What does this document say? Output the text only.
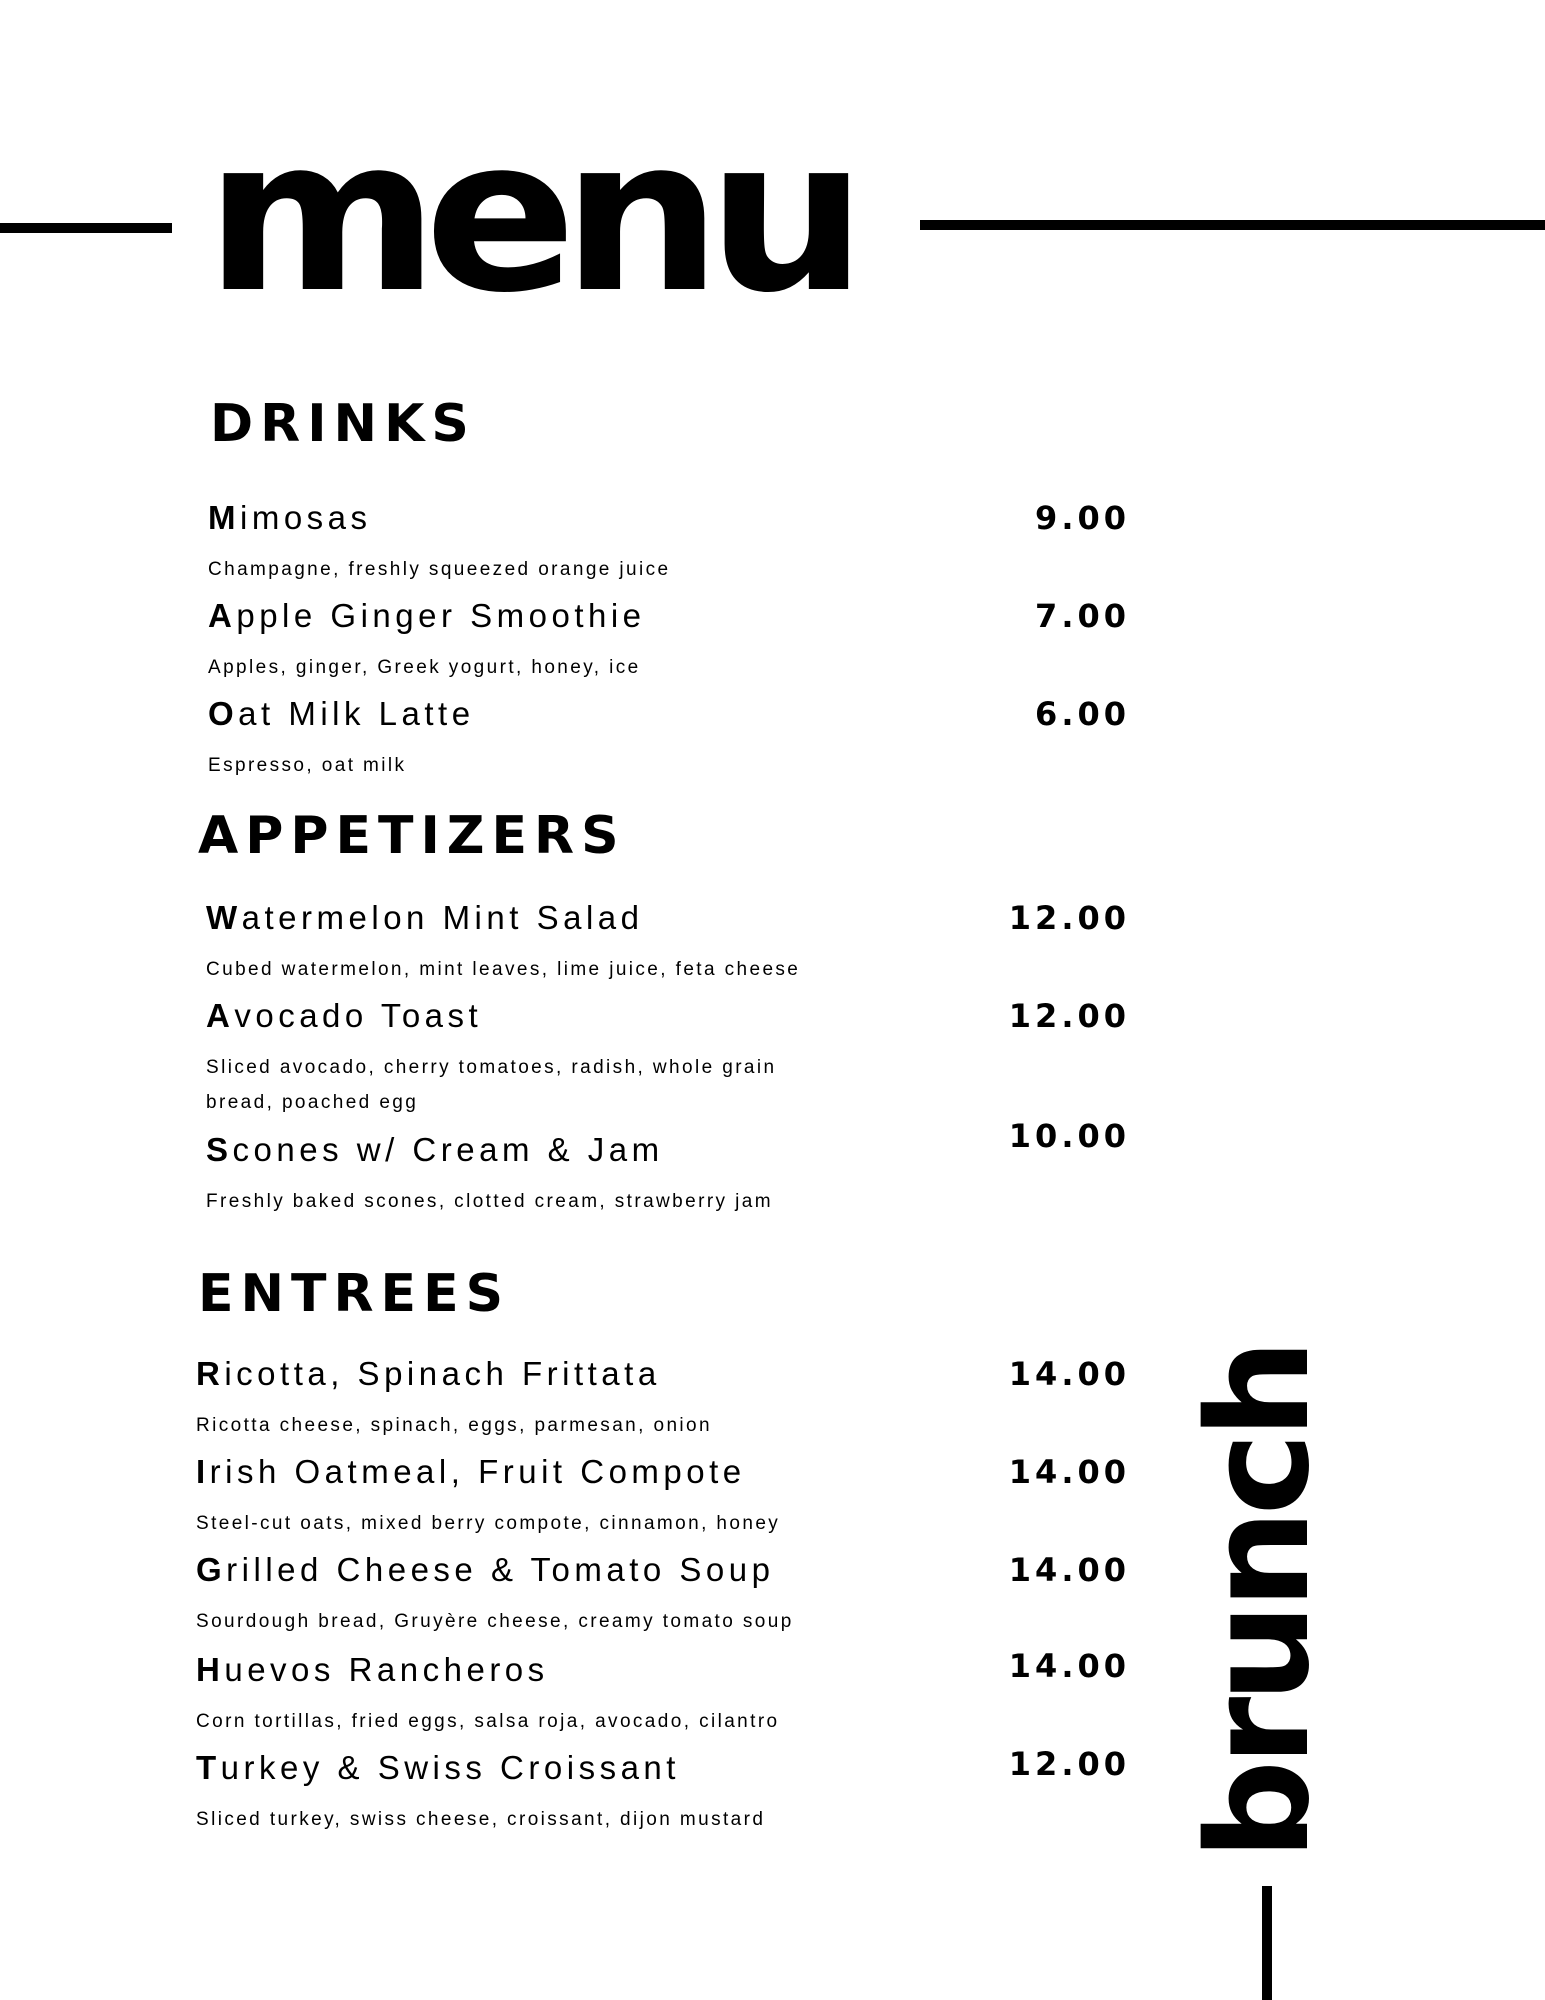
menu
brunch
DRINKS
Mimosas
Champagne, freshly squeezed orange juice
9.00
Apple Ginger Smoothie
Apples, ginger, Greek yogurt, honey, ice
7.00
Oat Milk Latte
Espresso, oat milk
6.00
APPETIZERS
Watermelon Mint Salad
Cubed watermelon, mint leaves, lime juice, feta cheese
12.00
Avocado Toast
Sliced avocado, cherry tomatoes, radish, whole grain bread, poached egg
12.00
Scones w/ Cream & Jam
Freshly baked scones, clotted cream, strawberry jam
10.00
ENTREES
Ricotta, Spinach Frittata
Ricotta cheese, spinach, eggs, parmesan, onion
14.00
Irish Oatmeal, Fruit Compote
Steel-cut oats, mixed berry compote, cinnamon, honey
14.00
Grilled Cheese & Tomato Soup
Sourdough bread, Gruyère cheese, creamy tomato soup
14.00
Huevos Rancheros
Corn tortillas, fried eggs, salsa roja, avocado, cilantro
14.00
Turkey & Swiss Croissant
Sliced turkey, swiss cheese, croissant, dijon mustard
12.00
